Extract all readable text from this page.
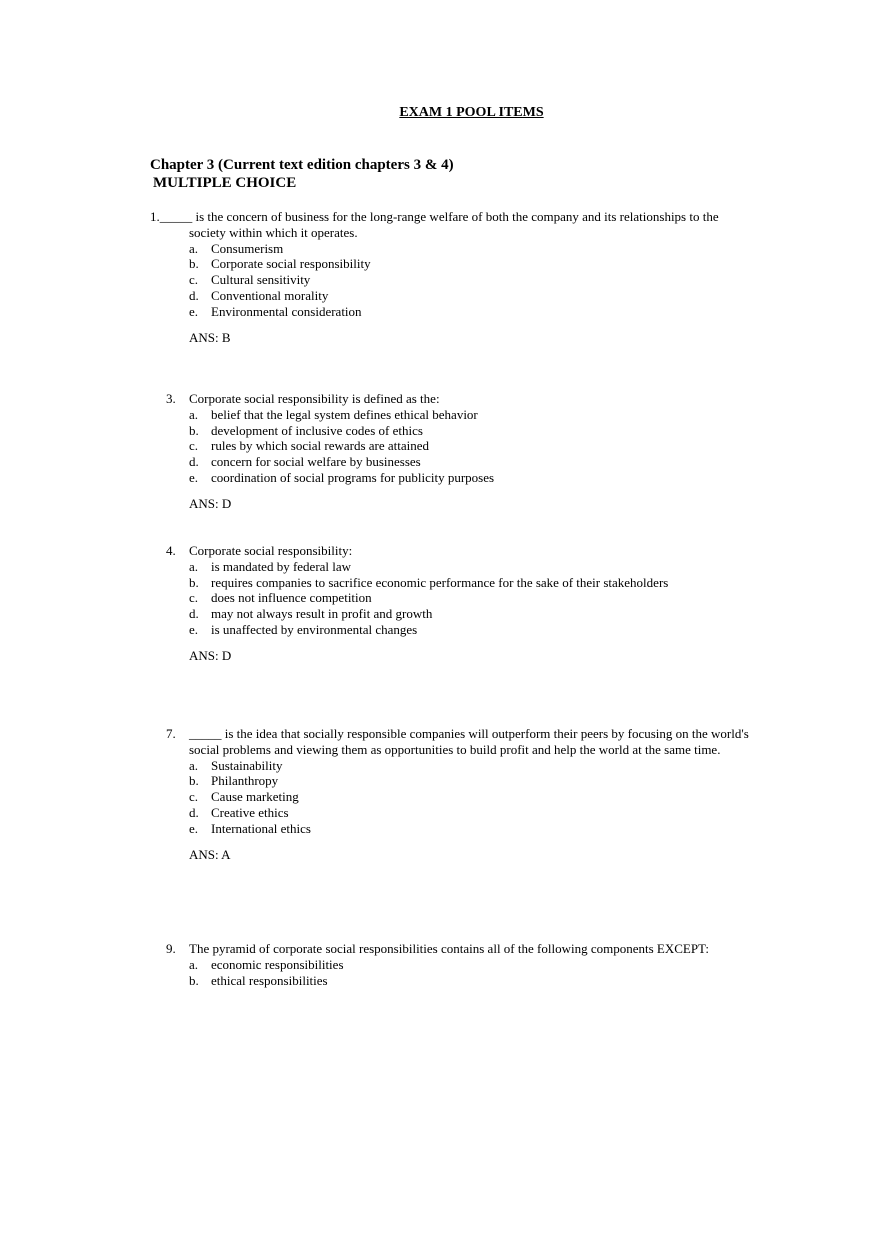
EXAM 1 POOL ITEMS
Chapter 3 (Current text edition chapters 3 & 4)
MULTIPLE CHOICE
1._____ is the concern of business for the long-range welfare of both the company and its relationships to the
society within which it operates.
a. Consumerism
b. Corporate social responsibility
c. Cultural sensitivity
d. Conventional morality
e. Environmental consideration
ANS: B
3. Corporate social responsibility is defined as the:
a. belief that the legal system defines ethical behavior
b. development of inclusive codes of ethics
c. rules by which social rewards are attained
d. concern for social welfare by businesses
e. coordination of social programs for publicity purposes
ANS: D
4. Corporate social responsibility:
a. is mandated by federal law
b. requires companies to sacrifice economic performance for the sake of their stakeholders
c. does not influence competition
d. may not always result in profit and growth
e. is unaffected by environmental changes
ANS: D
7. _____ is the idea that socially responsible companies will outperform their peers by focusing on the world's social problems and viewing them as opportunities to build profit and help the world at the same time.
a. Sustainability
b. Philanthropy
c. Cause marketing
d. Creative ethics
e. International ethics
ANS: A
9. The pyramid of corporate social responsibilities contains all of the following components EXCEPT:
a. economic responsibilities
b. ethical responsibilities
